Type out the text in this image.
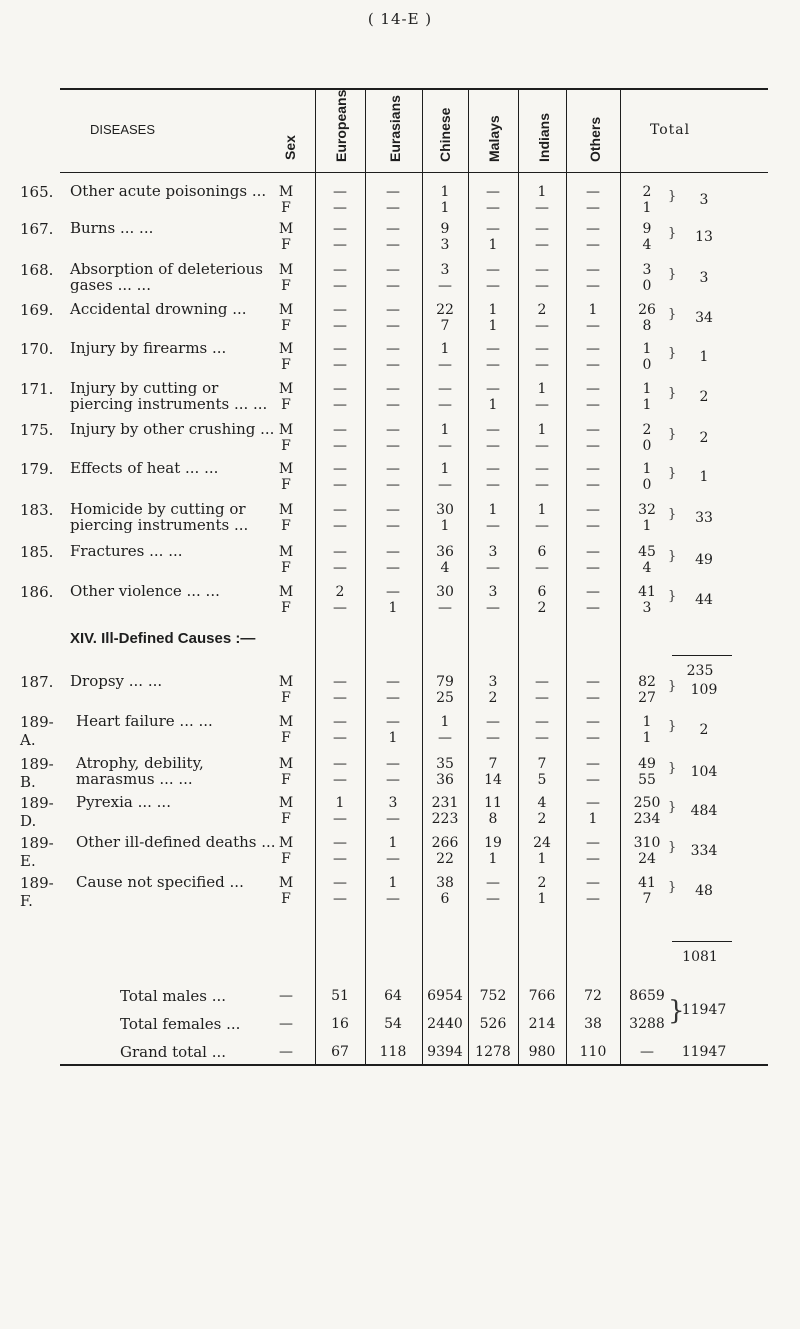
( 14-E )
DISEASES
Sex	Europeans	Eurasians Chinese Malays Indians	Others	Total
XIV. Ill-Defined Causes :—
235
1081
165.	Other acute poisonings ... M	—	—	1	—	1	—	2
F	—	—	1	—	—	—	1
}	3
167.	Burns ... ...	M	—	—	9	—	—	—	9
F	—	—	3	1	—	—	4
}	13
168.	Absorption of deleterious gases ... ...
M	—	—	3	—	—	—	3
F	—	—	—	—	—	—	0
}	3
169.	Accidental drowning ...	M	—	—	22	1	2	1	26
F	—	—	7	1	—	—	8
}	34
170.	Injury by firearms ...	M	—	—	1	—	—	—	1
F	—	—	—	—	—	—	0
}	1
171.	Injury by cutting or piercing instruments ... ...
M	—	—	—	—	1	—	1
F	—	—	—	1	—	—	1
}	2
175.	Injury by other crushing ... M	—	—	1	—	1	—	2
F	—	—	—	—	—	—	0
}	2
179.	Effects of heat ... ...	M	—	—	1	—	—	—	1
F	—	—	—	—	—	—	0
}	1
183.	Homicide by cutting or piercing instruments ...
M	—	—	30	1	1	—	32
F	—	—	1	—	—	—	1
}	33
185.	Fractures ... ...	M	—	—	36	3	6	—	45
F	—	—	4	—	—	—	4
}	49
186.	Other violence ... ...	M	2	—	30	3	6	—	41
F	—	1	—	—	2	—	3
}	44
187.	Dropsy ... ...	M	—	—	79	3	—	—	82
F	—	—	25	2	—	—	27
}	109
189-A.
Heart failure ... ...	M	—	—	1	—	—	—	1
F	—	1	—	—	—	—	1
}	2
189-B.
Atrophy, debility, marasmus ... ...
M	—	—	35	7	7	—	49
F	—	—	36	14	5	—	55
}	104
189-D.
Pyrexia ... ...	M	1	3	231	11	4	—	250
F	—	—	223	8	2	1	234
}	484
189-E.
Other ill-defined deaths ... M	—	1	266	19	24	—	310
F	—	—	22	1	1	—	24
}	334
189-F.
Cause not specified ...	M	—	1	38	—	2	—	41
F	—	—	6	—	1	—	7
}	48
Total males ...	—	51	64	6954	752	766	72	8659
Total females ...	—	16	54	2440	526	214	38	3288
Grand total ...	—	67	118	9394 1278	980	110	—
}
11947
11947
